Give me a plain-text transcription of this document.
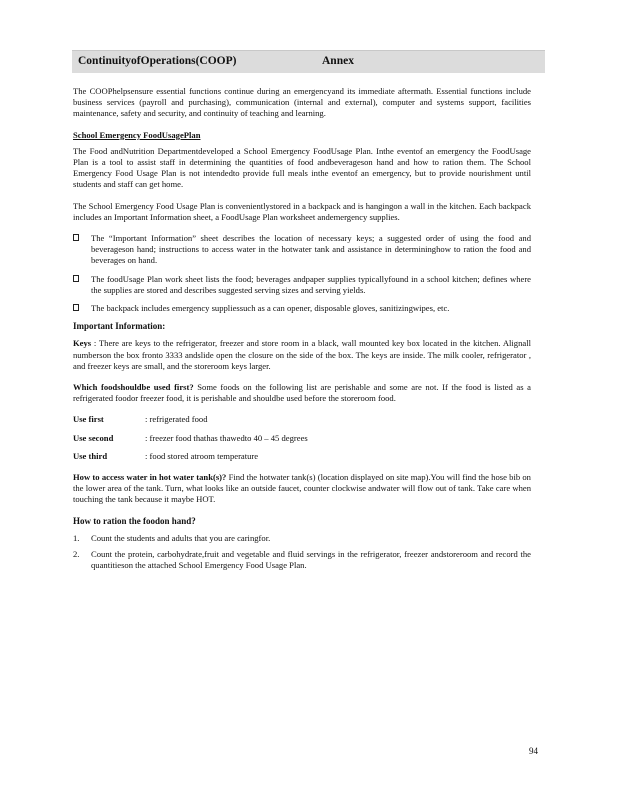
ContinuityofOperations(COOP)	Annex

The COOPhelpsensure essential functions continue during an emergencyand its immediate aftermath. Essential functions include business services (payroll and purchasing), communication (internal and external), computer and systems support, facilities maintenance, safety and security, and continuity of teaching and learning.

School Emergency FoodUsagePlan

The Food andNutrition Departmentdeveloped a School Emergency FoodUsage Plan. Inthe eventof an emergency the FoodUsage Plan is a tool to assist staff in determining the quantities of food andbeverageson hand and how to ration them. The School Emergency Food Usage Plan is not intendedto provide full meals inthe eventof an emergency, but to provide nourishment until students and staff can get home.

The School Emergency Food Usage Plan is convenientlystored in a backpack and is hangingon a wall in the kitchen. Each backpack includes an Important Information sheet, a FoodUsage Plan worksheet andemergency supplies.

The “Important Information” sheet describes the location of necessary keys; a suggested order of using the food and beverageson hand; instructions to access water in the hotwater tank and assistance in determininghow to ration the food and beverages on hand.
The foodUsage Plan work sheet lists the food; beverages andpaper supplies typicallyfound in a school kitchen; defines where the supplies are stored and describes suggested serving sizes and serving yields.
The backpack includes emergency suppliessuch as a can opener, disposable gloves, sanitizingwipes, etc.
Important Information:

Keys : There are keys to the refrigerator, freezer and store room in a black, wall mounted key box located in the kitchen. Alignall numberson the box fronto 3333 andslide open the closure on the side of the box. The keys are inside. The milk cooler, refrigerator , and freezer keys are small, and the storeroom keys larger.

Which foodshouldbe used first? Some foods on the following list are perishable and some are not. If the food is listed as a refrigerated foodor freezer food, it is perishable and shouldbe used before the storeroom food.

Use first	: refrigerated food
Use second	: freezer food thathas thawedto 40 – 45 degrees
Use third	: food stored atroom temperature

How to access water in hot water tank(s)? Find the hotwater tank(s) (location displayed on site map).You will find the hose bib on the lower area of the tank. Turn, what looks like an outside faucet, counter clockwise andwater will flow out of tank. Take care when touching the tank because it maybe HOT.

How to ration the foodon hand?
1. Count the students and adults that you are caringfor.
2. Count the protein, carbohydrate,fruit and vegetable and fluid servings in the refrigerator, freezer andstoreroom and record the quantitieson the attached School Emergency Food Usage Plan.
94
